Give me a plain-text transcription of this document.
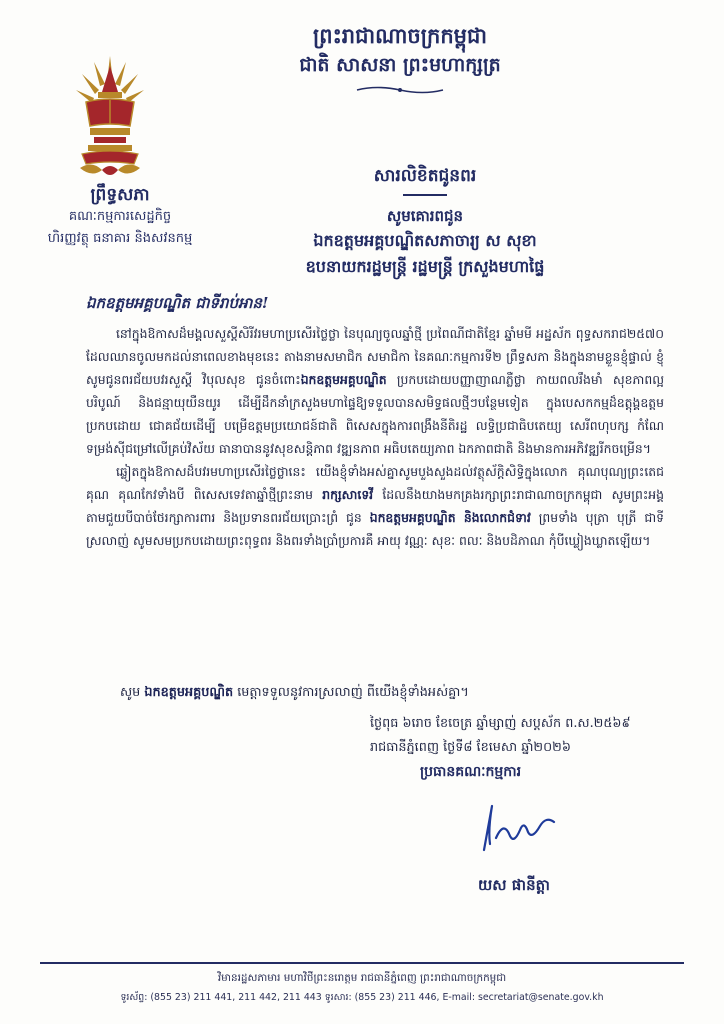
ព្រះរាជាណាចក្រកម្ពុជា
ជាតិ សាសនា ព្រះមហាក្សត្រ
ព្រឹទ្ធសភា
គណៈកម្មការសេដ្ឋកិច្ច
ហិរញ្ញវត្ថុ ធនាគារ និងសវនកម្ម
សារលិខិតជូនពរ
សូមគោរពជូន
ឯកឧត្តមអគ្គបណ្ឌិតសភាចារ្យ ស សុខា
ឧបនាយករដ្ឋមន្ត្រី រដ្ឋមន្ត្រី ក្រសួងមហាផ្ទៃ
ឯកឧត្តមអគ្គបណ្ឌិត ជាទីរាប់អាន!

នៅក្នុងឱកាសដ៏មង្គលសួស្តីសិរីវរមហាប្រសើរថ្លៃថ្លា នៃបុណ្យចូលឆ្នាំថ្មី ប្រពៃណីជាតិខ្មែរ ឆ្នាំមមី អដ្ឋស័ក ពុទ្ធសករាជ២៥៧០ ដែលឈានចូលមកដល់នាពេលខាងមុខនេះ តាងនាមសមាជិក សមាជិកា នៃគណៈកម្មការទី២ ព្រឹទ្ធសភា និងក្នុងនាមខ្លួនខ្ញុំផ្ទាល់ ខ្ញុំសូមជូនពរជ័យបវរសួស្តី វិបុលសុខ ជូនចំពោះឯកឧត្តមអគ្គបណ្ឌិត ប្រកបដោយបញ្ញាញាណភ្លឺថ្លា កាយពលរឹងមាំ សុខភាពល្អបរិបូណ៍ និងជន្មាយុយឺនយូរ ដើម្បីដឹកនាំក្រសួងមហាផ្ទៃឱ្យទទួលបានសមិទ្ធផលថ្មីៗបន្ថែមទៀត ក្នុងបេសកកម្មដ៏ឧត្តុង្គឧត្តមប្រកបដោយ ជោគជ័យដើម្បី បម្រើឧត្តមប្រយោជន៍ជាតិ ពិសេសក្នុងការពង្រឹងនីតិរដ្ឋ លទ្ធិប្រជាធិបតេយ្យ សេរីពហុបក្ស កំណែទម្រង់ស៊ីជម្រៅលើគ្រប់វិស័យ ធានាបាននូវសុខសន្តិភាព វឌ្ឍនភាព អធិបតេយ្យភាព ឯកភាពជាតិ និងមានការអភិវឌ្ឍរីកចម្រើន។

ឆ្លៀតក្នុងឱកាសដ៏បវរមហាប្រសើរថ្លៃថ្លានេះ យើងខ្ញុំទាំងអស់គ្នាសូមបួងសួងដល់វត្ថុស័ក្តិសិទ្ធិក្នុងលោក គុណបុណ្យព្រះតេជគុណ គុណកែវទាំងបី ពិសេសទេវតាឆ្នាំថ្មីព្រះនាម រាក្សសាទេវី ដែលនឹងយាងមកគ្រងរក្សាព្រះរាជាណាចក្រកម្ពុជា សូមព្រះអង្គតាមជួយបីបាច់ថែរក្សាការពារ និងប្រទានពរជ័យប្រោះព្រំ ជូន ឯកឧត្តមអគ្គបណ្ឌិត និងលោកជំទាវ ព្រមទាំង បុត្រា បុត្រី ជាទីស្រលាញ់ សូមសមប្រកបដោយព្រះពុទ្ធពរ និងពរទាំងប្រាំប្រការគឺ អាយុ វណ្ណៈ សុខៈ ពលៈ និងបដិភាណ កុំបីឃ្លៀងឃ្លាតឡើយ។

សូម ឯកឧត្តមអគ្គបណ្ឌិត មេត្តាទទួលនូវការស្រលាញ់ ពីយើងខ្ញុំទាំងអស់គ្នា។
ថ្ងៃពុធ ៦រោច ខែចេត្រ ឆ្នាំម្សាញ់ សប្តស័ក ព.ស.២៥៦៩
រាជធានីភ្នំពេញ ថ្ងៃទី៨ ខែមេសា ឆ្នាំ២០២៦
ប្រធានគណៈកម្មការ
យស ផានីត្តា
វិមានរដ្ឋសភាមារ មហាវិថីព្រះនរោត្តម រាជធានីភ្នំពេញ ព្រះរាជាណាចក្រកម្ពុជា
ទូរស័ព្ទ: (855 23) 211 441, 211 442, 211 443 ទូរសារ: (855 23) 211 446, E-mail: secretariat@senate.gov.kh
